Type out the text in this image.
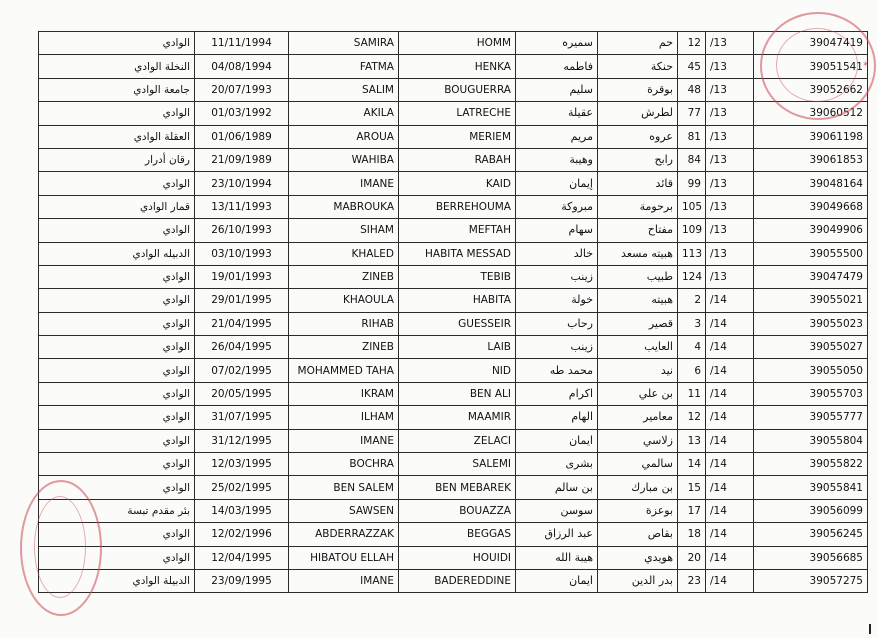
الوادي	11/11/1994	SAMIRA	HOMM	سميره	حم	12	/13	39047419
النخلة الوادي	04/08/1994	FATMA	HENKA	فاطمه	حنكة	45	/13	39051541
جامعة الوادي	20/07/1993	SALIM	BOUGUERRA	سليم	بوقرة	48	/13	39052662
الوادي	01/03/1992	AKILA	LATRECHE	عقيلة	لطرش	77	/13	39060512
العقلة الوادي	01/06/1989	AROUA	MERIEM	مريم	عروه	81	/13	39061198
رقان أدرار	21/09/1989	WAHIBA	RABAH	وهيبة	رابح	84	/13	39061853
الوادي	23/10/1994	IMANE	KAID	إيمان	قائد	99	/13	39048164
قمار الوادي	13/11/1993	MABROUKA	BERREHOUMA	مبروكة	برحومة	105	/13	39049668
الوادي	26/10/1993	SIHAM	MEFTAH	سهام	مفتاح	109	/13	39049906
الدبيله الوادي	03/10/1993	KHALED	HABITA MESSAD	خالد	هبيته مسعد	113	/13	39055500
الوادي	19/01/1993	ZINEB	TEBIB	زينب	طبيب	124	/13	39047479
الوادي	29/01/1995	KHAOULA	HABITA	خولة	هبيته	2	/14	39055021
الوادي	21/04/1995	RIHAB	GUESSEIR	رحاب	قصير	3	/14	39055023
الوادي	26/04/1995	ZINEB	LAIB	زينب	العايب	4	/14	39055027
الوادي	07/02/1995	MOHAMMED TAHA	NID	محمد طه	نيد	6	/14	39055050
الوادي	20/05/1995	IKRAM	BEN ALI	اكرام	بن علي	11	/14	39055703
الوادي	31/07/1995	ILHAM	MAAMIR	الهام	معامير	12	/14	39055777
الوادي	31/12/1995	IMANE	ZELACI	ايمان	زلاسي	13	/14	39055804
الوادي	12/03/1995	BOCHRA	SALEMI	بشرى	سالمي	14	/14	39055822
الوادي	25/02/1995	BEN SALEM	BEN MEBAREK	بن سالم	بن مبارك	15	/14	39055841
بئر مقدم تبسة	14/03/1995	SAWSEN	BOUAZZA	سوسن	بوعزة	17	/14	39056099
الوادي	12/02/1996	ABDERRAZZAK	BEGGAS	عبد الرزاق	بقاص	18	/14	39056245
الوادي	12/04/1995	HIBATOU ELLAH	HOUIDI	هيبة الله	هويدي	20	/14	39056685
الدبيلة الوادي	23/09/1995	IMANE	BADEREDDINE	ايمان	بدر الدين	23	/14	39057275
✶
